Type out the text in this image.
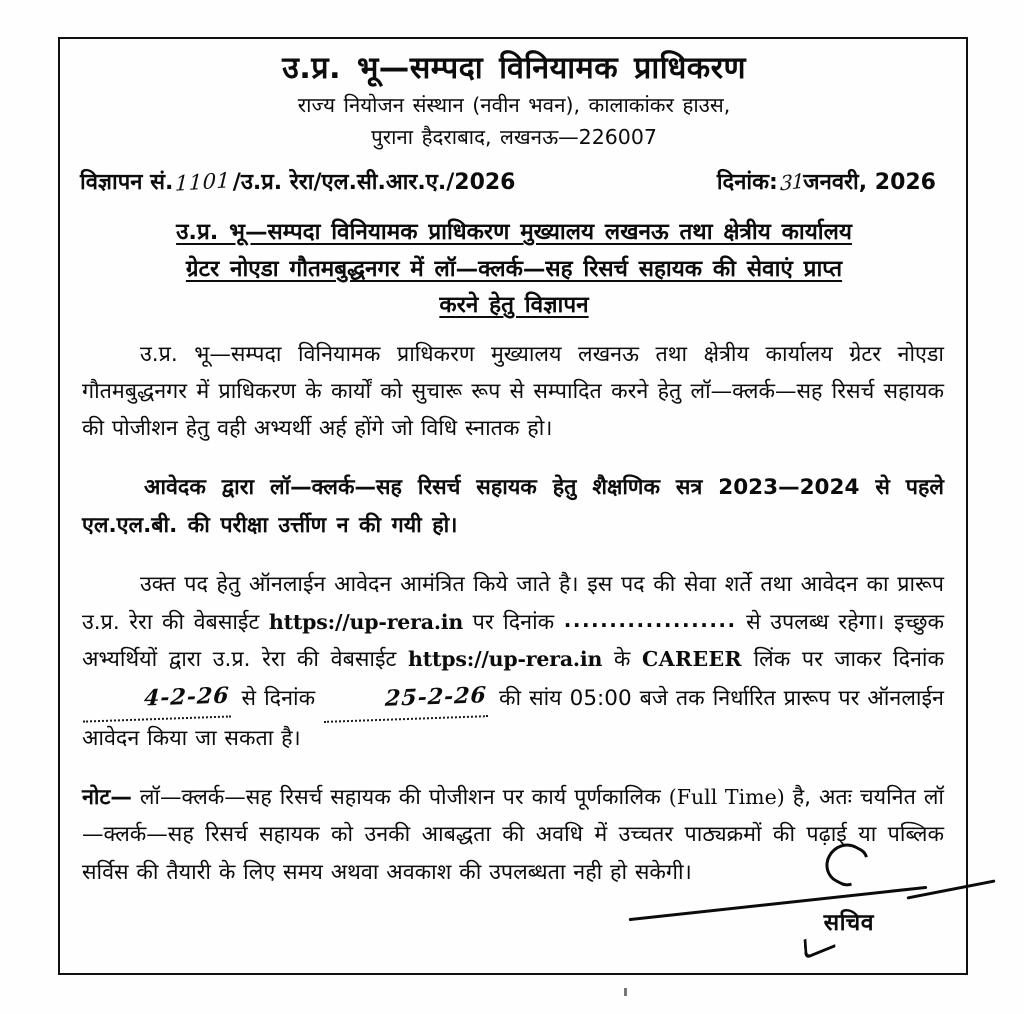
उ.प्र. भू—सम्पदा विनियामक प्राधिकरण
राज्य नियोजन संस्थान (नवीन भवन), कालाकांकर हाउस,
पुराना हैदराबाद, लखनऊ—226007
विज्ञापन सं. 1101 /उ.प्र. रेरा/एल.सी.आर.ए./2026	दिनांक: 31 जनवरी, 2026
उ.प्र. भू—सम्पदा विनियामक प्राधिकरण मुख्यालय लखनऊ तथा क्षेत्रीय कार्यालय
ग्रेटर नोएडा गौतमबुद्धनगर में लॉ—क्लर्क—सह रिसर्च सहायक की सेवाएं प्राप्त
करने हेतु विज्ञापन

उ.प्र. भू—सम्पदा विनियामक प्राधिकरण मुख्यालय लखनऊ तथा क्षेत्रीय कार्यालय ग्रेटर नोएडा गौतमबुद्धनगर में प्राधिकरण के कार्यों को सुचारू रूप से सम्पादित करने हेतु लॉ—क्लर्क—सह रिसर्च सहायक की पोजीशन हेतु वही अभ्यर्थी अर्ह होंगे जो विधि स्नातक हो।

आवेदक द्वारा लॉ—क्लर्क—सह रिसर्च सहायक हेतु शैक्षणिक सत्र 2023—2024 से पहले एल.एल.बी. की परीक्षा उर्त्तीण न की गयी हो।

उक्त पद हेतु ऑनलाईन आवेदन आमंत्रित किये जाते है। इस पद की सेवा शर्ते तथा आवेदन का प्रारूप उ.प्र. रेरा की वेबसाईट https://up-rera.in पर दिनांक ................... से उपलब्ध रहेगा। इच्छुक अभ्यर्थियों द्वारा उ.प्र. रेरा की वेबसाईट https://up-rera.in के CAREER लिंक पर जाकर दिनांक 4-2-26 से दिनांक	25-2-26 की सांय 05:00 बजे तक निर्धारित प्रारूप पर ऑनलाईन आवेदन किया जा सकता है।

नोट— लॉ—क्लर्क—सह रिसर्च सहायक की पोजीशन पर कार्य पूर्णकालिक (Full Time) है, अतः चयनित लॉ—क्लर्क—सह रिसर्च सहायक को उनकी आबद्धता की अवधि में उच्चतर पाठ्यक्रमों की पढ़ाई या पब्लिक सर्विस की तैयारी के लिए समय अथवा अवकाश की उपलब्धता नही हो सकेगी।

सचिव
